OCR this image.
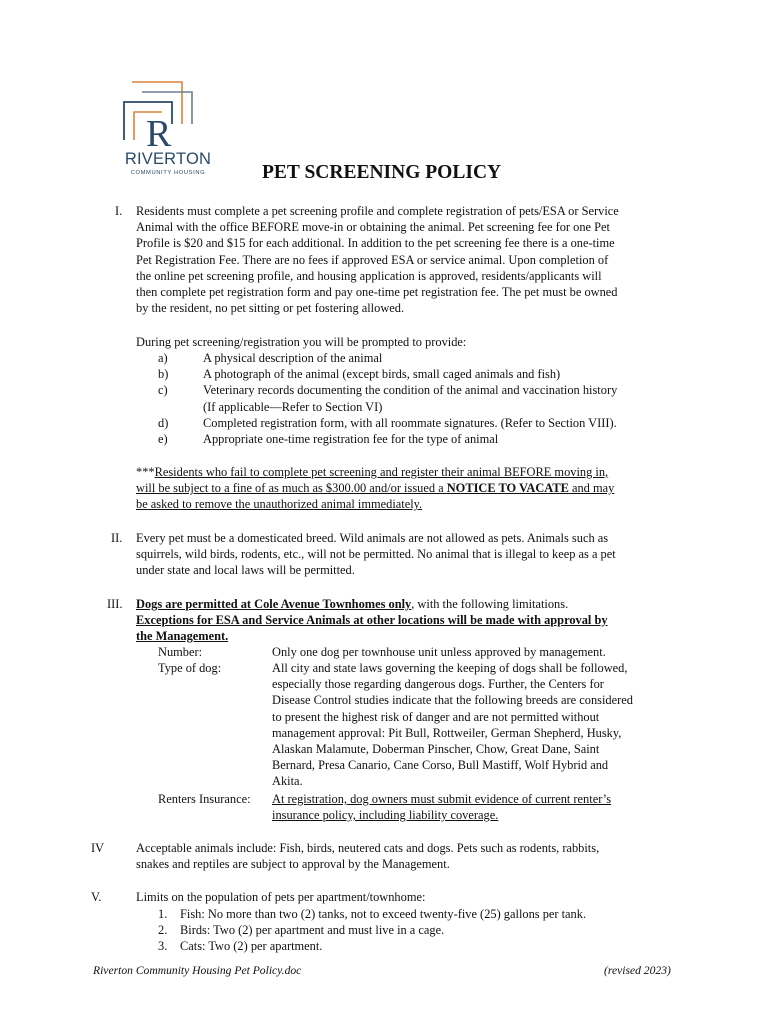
R
RIVERTON
COMMUNITY HOUSING	PET SCREENING POLICY
I. Residents must complete a pet screening profile and complete registration of pets/ESA or Service
Animal with the office BEFORE move-in or obtaining the animal. Pet screening fee for one Pet
Profile is $20 and $15 for each additional. In addition to the pet screening fee there is a one-time
Pet Registration Fee. There are no fees if approved ESA or service animal. Upon completion of
the online pet screening profile, and housing application is approved, residents/applicants will
then complete pet registration form and pay one-time pet registration fee. The pet must be owned
by the resident, no pet sitting or pet fostering allowed.
During pet screening/registration you will be prompted to provide:
a)	A physical description of the animal
b)	A photograph of the animal (except birds, small caged animals and fish)
c)	Veterinary records documenting the condition of the animal and vaccination history
(If applicable—Refer to Section VI)
d)	Completed registration form, with all roommate signatures. (Refer to Section VIII).
e)	Appropriate one-time registration fee for the type of animal
***Residents who fail to complete pet screening and register their animal BEFORE moving in,
will be subject to a fine of as much as $300.00 and/or issued a NOTICE TO VACATE and may
be asked to remove the unauthorized animal immediately.
II. Every pet must be a domesticated breed. Wild animals are not allowed as pets. Animals such as
squirrels, wild birds, rodents, etc., will not be permitted. No animal that is illegal to keep as a pet
under state and local laws will be permitted.
III. Dogs are permitted at Cole Avenue Townhomes only, with the following limitations.
Exceptions for ESA and Service Animals at other locations will be made with approval by
the Management.
Number:	Only one dog per townhouse unit unless approved by management.
Type of dog:	All city and state laws governing the keeping of dogs shall be followed,
especially those regarding dangerous dogs. Further, the Centers for
Disease Control studies indicate that the following breeds are considered
to present the highest risk of danger and are not permitted without
management approval: Pit Bull, Rottweiler, German Shepherd, Husky,
Alaskan Malamute, Doberman Pinscher, Chow, Great Dane, Saint
Bernard, Presa Canario, Cane Corso, Bull Mastiff, Wolf Hybrid and
Akita.
Renters Insurance: At registration, dog owners must submit evidence of current renter’s
insurance policy, including liability coverage.
IV	Acceptable animals include: Fish, birds, neutered cats and dogs. Pets such as rodents, rabbits,
snakes and reptiles are subject to approval by the Management.
V.	Limits on the population of pets per apartment/townhome:
1. Fish: No more than two (2) tanks, not to exceed twenty-five (25) gallons per tank.
2. Birds: Two (2) per apartment and must live in a cage.
3. Cats: Two (2) per apartment.
Riverton Community Housing Pet Policy.doc	(revised 2023)
